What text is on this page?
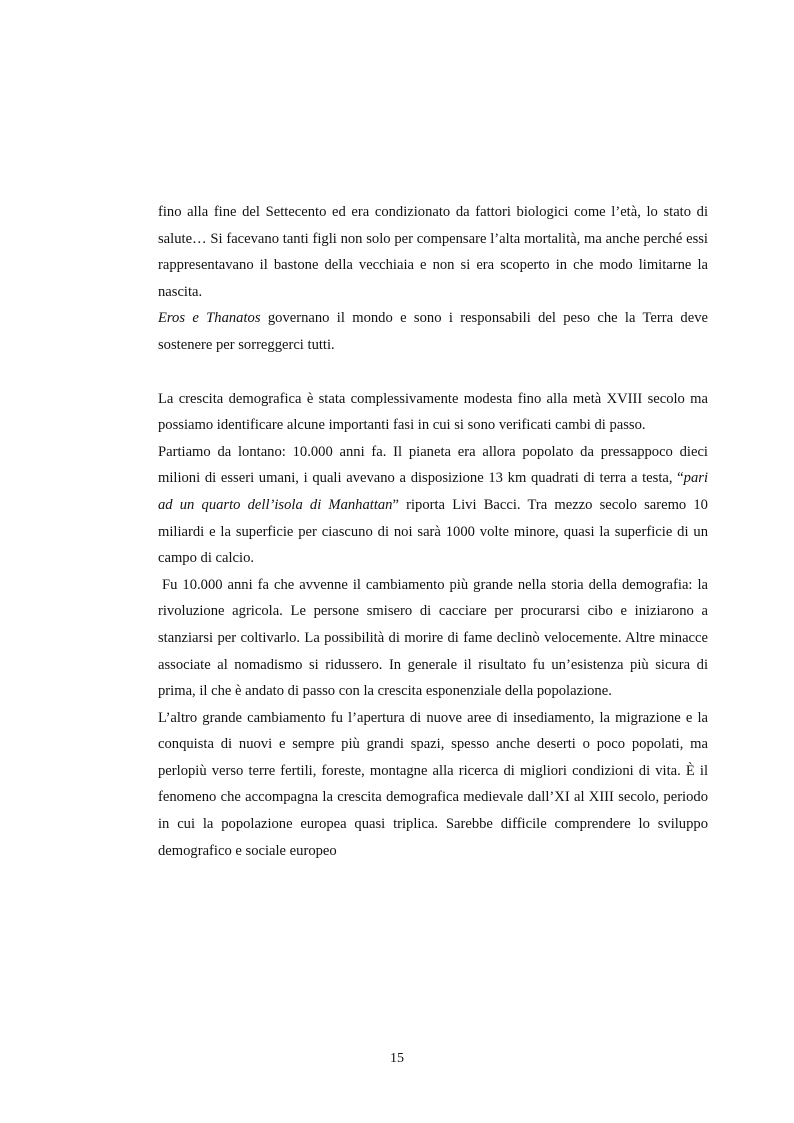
fino alla fine del Settecento ed era condizionato da fattori biologici come l’età, lo stato di salute… Si facevano tanti figli non solo per compensare l’alta mortalità, ma anche perché essi rappresentavano il bastone della vecchiaia e non si era scoperto in che modo limitarne la nascita.

Eros e Thanatos governano il mondo e sono i responsabili del peso che la Terra deve sostenere per sorreggerci tutti.

La crescita demografica è stata complessivamente modesta fino alla metà XVIII secolo ma possiamo identificare alcune importanti fasi in cui si sono verificati cambi di passo.

Partiamo da lontano: 10.000 anni fa. Il pianeta era allora popolato da pressappoco dieci milioni di esseri umani, i quali avevano a disposizione 13 km quadrati di terra a testa, “pari ad un quarto dell’isola di Manhattan” riporta Livi Bacci. Tra mezzo secolo saremo 10 miliardi e la superficie per ciascuno di noi sarà 1000 volte minore, quasi la superficie di un campo di calcio.

Fu 10.000 anni fa che avvenne il cambiamento più grande nella storia della demografia: la rivoluzione agricola. Le persone smisero di cacciare per procurarsi cibo e iniziarono a stanziarsi per coltivarlo. La possibilità di morire di fame declinò velocemente. Altre minacce associate al nomadismo si ridussero. In generale il risultato fu un’esistenza più sicura di prima, il che è andato di passo con la crescita esponenziale della popolazione.

L’altro grande cambiamento fu l’apertura di nuove aree di insediamento, la migrazione e la conquista di nuovi e sempre più grandi spazi, spesso anche deserti o poco popolati, ma perlopiù verso terre fertili, foreste, montagne alla ricerca di migliori condizioni di vita. È il fenomeno che accompagna la crescita demografica medievale dall’XI al XIII secolo, periodo in cui la popolazione europea quasi triplica. Sarebbe difficile comprendere lo sviluppo demografico e sociale europeo

15
